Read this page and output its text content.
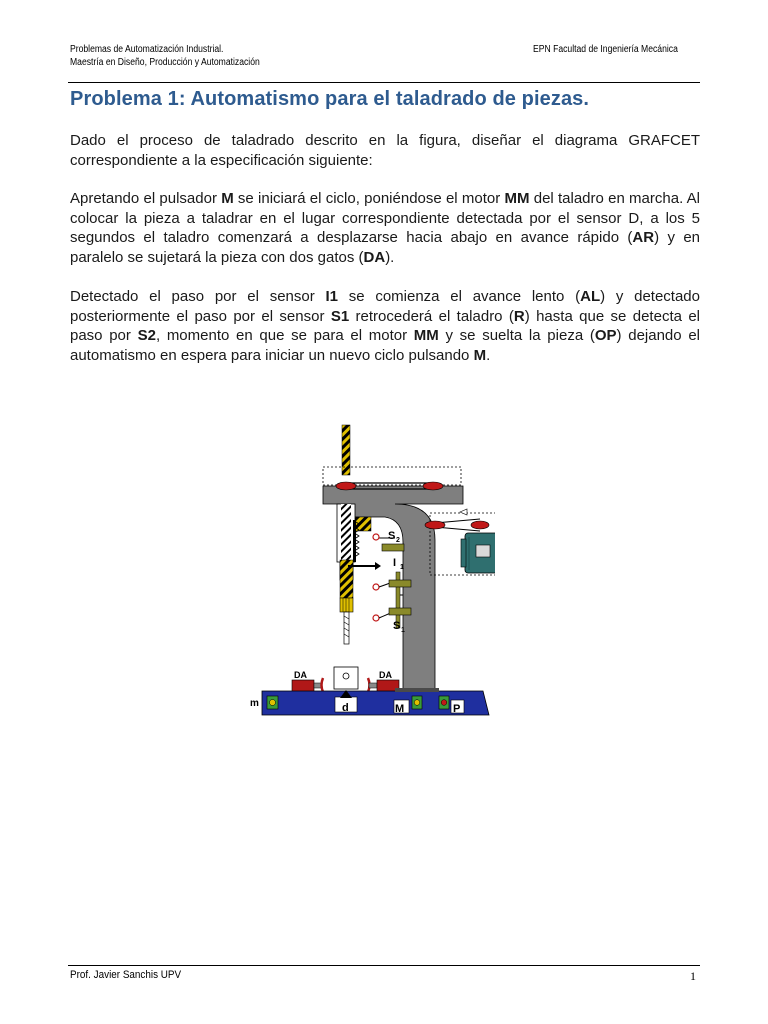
Problemas de Automatización Industrial.
Maestría en Diseño, Producción y Automatización
EPN Facultad de Ingeniería Mecánica
Problema 1: Automatismo para el taladrado de piezas.
Dado el proceso de taladrado descrito en la figura, diseñar el diagrama GRAFCET correspondiente a la especificación siguiente:
Apretando el pulsador M se iniciará el ciclo, poniéndose el motor MM del taladro en marcha. Al colocar la pieza a taladrar en el lugar correspondiente detectada por el sensor D, a los 5 segundos el taladro comenzará a desplazarse hacia abajo en avance rápido (AR) y en paralelo se sujetará la pieza con dos gatos (DA).
Detectado el paso por el sensor I1 se comienza el avance lento (AL) y detectado posteriormente el paso por el sensor S1 retrocederá el taladro (R) hasta que se detecta el paso por S2, momento en que se para el motor MM y se suelta la pieza (OP) dejando el automatismo en espera para iniciar un nuevo ciclo pulsando M.
S 2
I 1
S 1
DA	DA
m	d	M	P
Prof. Javier Sanchis UPV	1
